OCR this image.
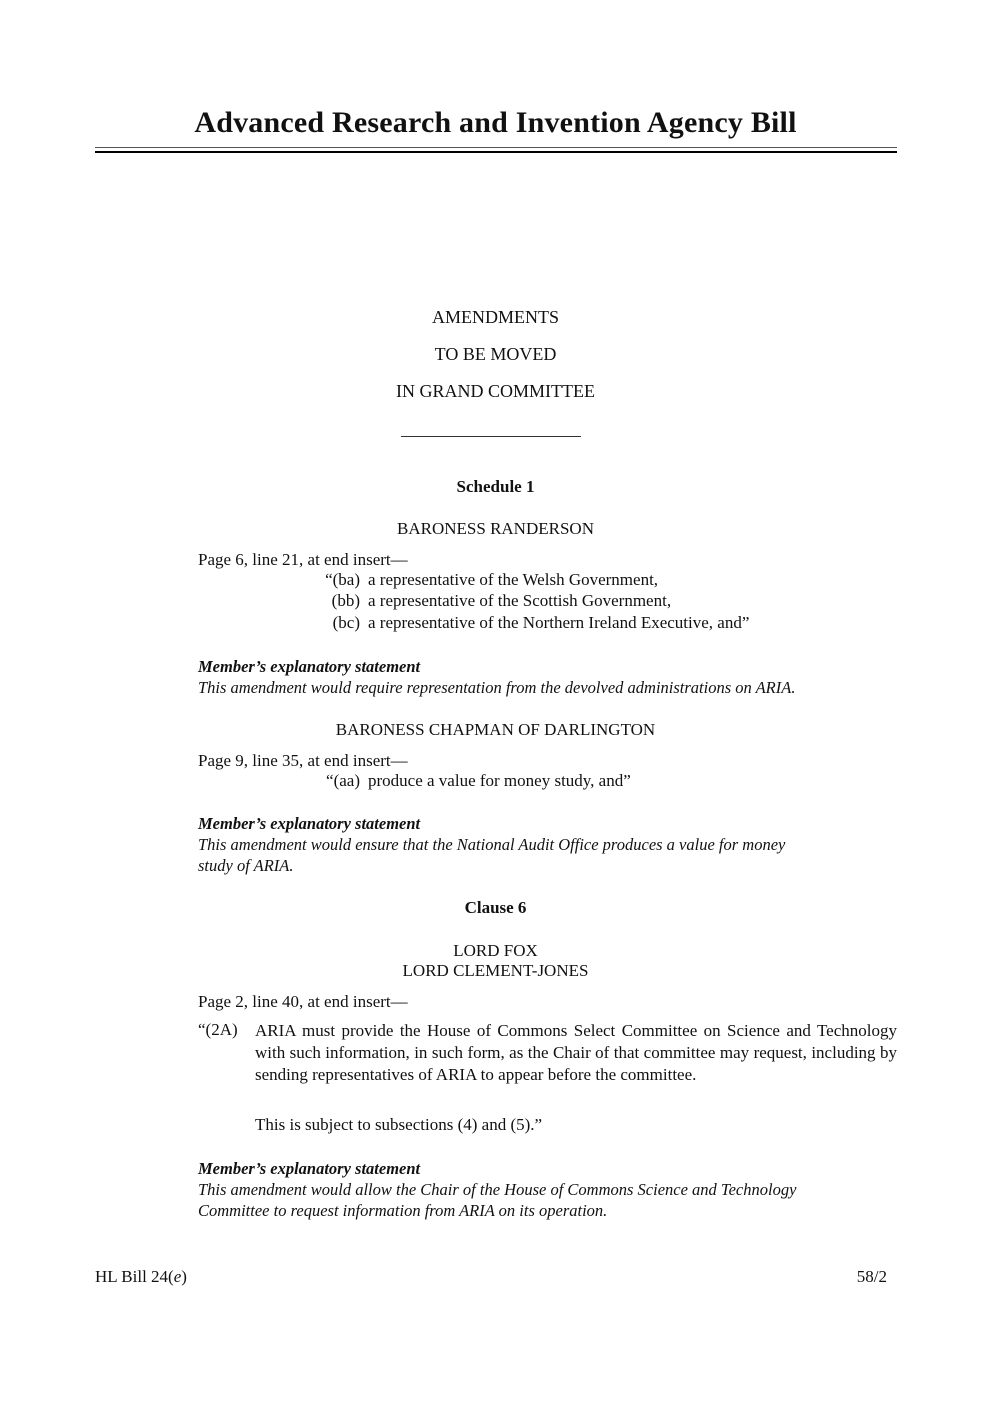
Advanced Research and Invention Agency Bill
AMENDMENTS
TO BE MOVED
IN GRAND COMMITTEE
Schedule 1
BARONESS RANDERSON
Page 6, line 21, at end insert—
“(ba) a representative of the Welsh Government,
(bb) a representative of the Scottish Government,
(bc) a representative of the Northern Ireland Executive, and”
Member’s explanatory statement
This amendment would require representation from the devolved administrations on ARIA.
BARONESS CHAPMAN OF DARLINGTON
Page 9, line 35, at end insert—
“(aa) produce a value for money study, and”
Member’s explanatory statement
This amendment would ensure that the National Audit Office produces a value for money
study of ARIA.
Clause 6
LORD FOX
LORD CLEMENT-JONES
Page 2, line 40, at end insert—
“(2A) ARIA must provide the House of Commons Select Committee on Science and Technology with such information, in such form, as the Chair of that committee may request, including by sending representatives of ARIA to appear before the committee.
This is subject to subsections (4) and (5).”
Member’s explanatory statement
This amendment would allow the Chair of the House of Commons Science and Technology
Committee to request information from ARIA on its operation.
HL Bill 24(e)	58/2
